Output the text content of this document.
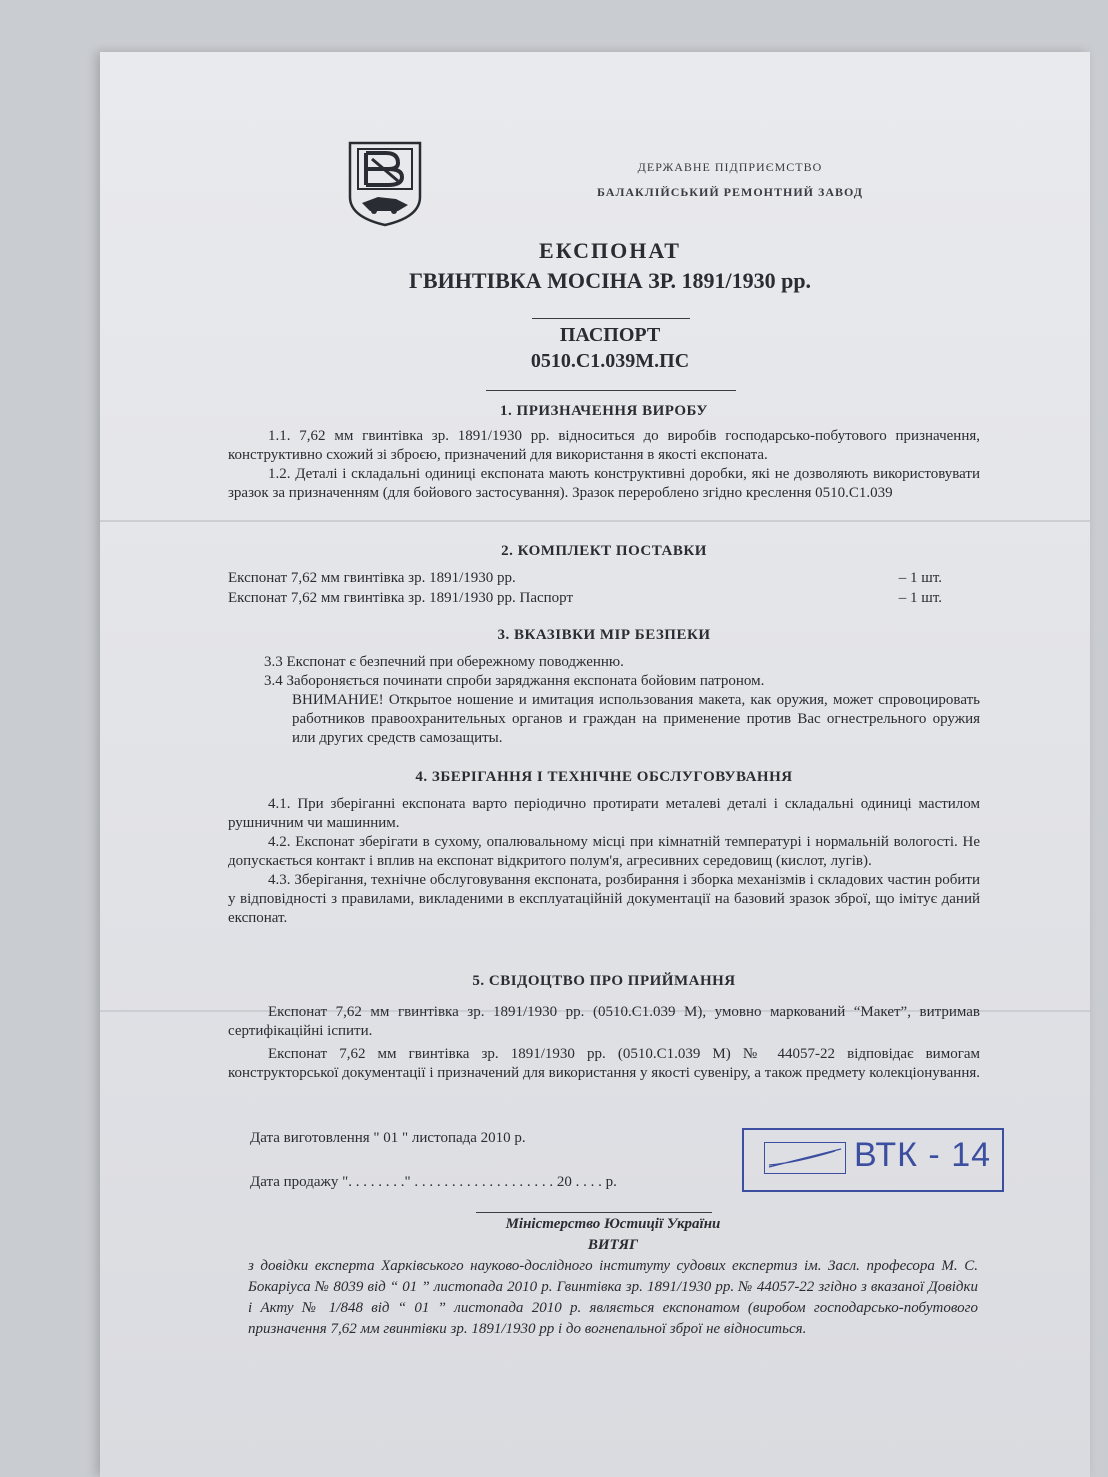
ДЕРЖАВНЕ ПІДПРИЄМСТВО
БАЛАКЛІЙСЬКИЙ РЕМОНТНИЙ ЗАВОД
ЕКСПОНАТ
ГВИНТІВКА МОСІНА ЗР. 1891/1930 рр.
ПАСПОРТ
0510.С1.039М.ПС
1. ПРИЗНАЧЕННЯ ВИРОБУ
1.1. 7,62 мм гвинтівка зр. 1891/1930 рр. відноситься до виробів господарсько-побутового призначення, конструктивно схожий зі зброєю, призначений для використання в якості експоната.
1.2. Деталі і складальні одиниці експоната мають конструктивні доробки, які не дозволяють використовувати зразок за призначенням (для бойового застосування). Зразок перероблено згідно креслення 0510.С1.039
2. КОМПЛЕКТ ПОСТАВКИ
Експонат 7,62 мм гвинтівка зр. 1891/1930 рр.	– 1 шт.
Експонат 7,62 мм гвинтівка зр. 1891/1930 рр. Паспорт	– 1 шт.
3. ВКАЗІВКИ МІР БЕЗПЕКИ
3.3 Експонат є безпечний при обережному поводженню.
3.4 Забороняється починати спроби заряджання експоната бойовим патроном.
ВНИМАНИЕ! Открытое ношение и имитация использования макета, как оружия, может спровоцировать работников правоохранительных органов и граждан на применение против Вас огнестрельного оружия или других средств самозащиты.
4. ЗБЕРІГАННЯ І ТЕХНІЧНЕ ОБСЛУГОВУВАННЯ
4.1. При зберіганні експоната варто періодично протирати металеві деталі і складальні одиниці мастилом рушничним чи машинним.
4.2. Експонат зберігати в сухому, опалювальному місці при кімнатній температурі і нормальній вологості. Не допускається контакт і вплив на експонат відкритого полум'я, агресивних середовищ (кислот, лугів).
4.3. Зберігання, технічне обслуговування експоната, розбирання і зборка механізмів і складових частин робити у відповідності з правилами, викладеними в експлуатаційній документації на базовий зразок зброї, що імітує даний експонат.
5. СВІДОЦТВО ПРО ПРИЙМАННЯ
Експонат 7,62 мм гвинтівка зр. 1891/1930 рр. (0510.С1.039 М), умовно маркований “Макет”, витримав сертифікаційні іспити.
Експонат 7,62 мм гвинтівка зр. 1891/1930 рр. (0510.С1.039 М) № 44057-22 відповідає вимогам конструкторської документації і призначений для використання у якості сувеніру, а також предмету колекціонування.
Дата виготовлення " 01 " листопада 2010 р.
Дата продажу ". . . . . . . ." . . . . . . . . . . . . . . . . . . . 20 . . . . р.
ВТК - 14
Міністерство Юстиції України
ВИТЯГ
з довідки експерта Харківського науково-дослідного інституту судових експертиз ім. Засл. професора М. С. Бокаріуса № 8039 від “ 01 ” листопада 2010 р. Гвинтівка зр. 1891/1930 рр. № 44057-22 згідно з вказаної Довідки і Акту № 1/848 від “ 01 ” листопада 2010 р. являється експонатом (виробом господарсько-побутового призначення 7,62 мм гвинтівки зр. 1891/1930 рр і до вогнепальної зброї не відноситься.
